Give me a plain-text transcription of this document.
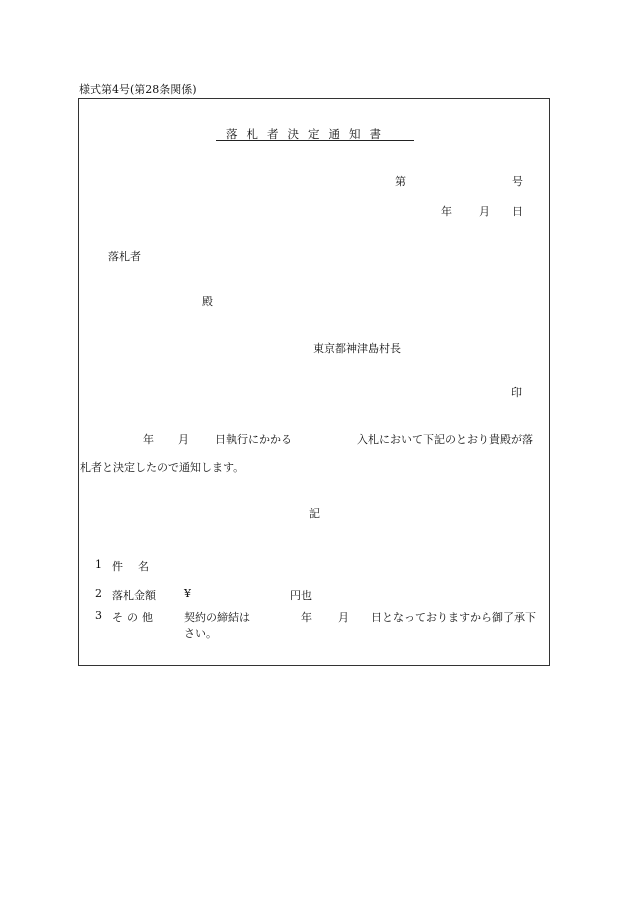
様式第4号(第28条関係)
落札者決定通知書
第	号
年 月 日
落札者
殿
東京都神津島村長
印
年 月 日執行にかかる	入札において下記のとおり貴殿が落
札者と決定したので通知します。
記
1 件　名
2 落札金額	¥	円也
3 その他 契約の締結は	年 月 日となっておりますから御了承下
さい。
